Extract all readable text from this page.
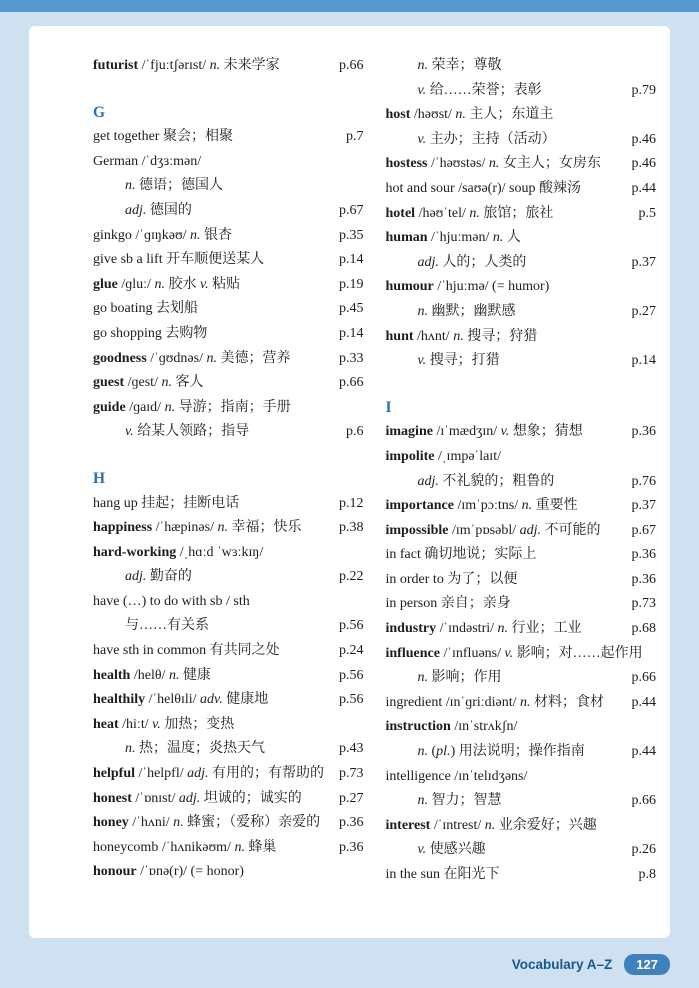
futurist /ˈfjuːtʃərɪst/ n. 未来学家	p.66
G
get together 聚会；相聚	p.7
German /ˈdʒɜːmən/
n. 德语；德国人
adj. 德国的	p.67
ginkgo /ˈɡɪŋkəʊ/ n. 银杏	p.35
give sb a lift 开车顺便送某人	p.14
glue /ɡluː/ n. 胶水 v. 粘贴	p.19
go boating 去划船	p.45
go shopping 去购物	p.14
goodness /ˈɡʊdnəs/ n. 美德；营养	p.33
guest /ɡest/ n. 客人	p.66
guide /ɡaɪd/ n. 导游；指南；手册
v. 给某人领路；指导	p.6
H
hang up 挂起；挂断电话	p.12
happiness /ˈhæpinəs/ n. 幸福；快乐	p.38
hard-working /ˌhɑːd ˈwɜːkɪŋ/
adj. 勤奋的	p.22
have (…) to do with sb / sth
与……有关系	p.56
have sth in common 有共同之处	p.24
health /helθ/ n. 健康	p.56
healthily /ˈhelθɪli/ adv. 健康地	p.56
heat /hiːt/ v. 加热；变热
n. 热；温度；炎热天气	p.43
helpful /ˈhelpfl/ adj. 有用的；有帮助的 p.73
honest /ˈɒnɪst/ adj. 坦诚的；诚实的	p.27
honey /ˈhʌni/ n. 蜂蜜；（爱称）亲爱的 p.36
honeycomb /ˈhʌnikəʊm/ n. 蜂巢	p.36
honour /ˈɒnə(r)/ (= honor)
n. 荣幸；尊敬
v. 给……荣誉；表彰	p.79
host /həʊst/ n. 主人；东道主
v. 主办；主持（活动）	p.46
hostess /ˈhəʊstəs/ n. 女主人；女房东 p.46
hot and sour /saʊə(r)/ soup 酸辣汤	p.44
hotel /həʊˈtel/ n. 旅馆；旅社	p.5
human /ˈhjuːmən/ n. 人
adj. 人的；人类的	p.37
humour /ˈhjuːmə/ (= humor)
n. 幽默；幽默感	p.27
hunt /hʌnt/ n. 搜寻；狩猎
v. 搜寻；打猎	p.14
I
imagine /ɪˈmædʒɪn/ v. 想象；猜想	p.36
impolite /ˌɪmpəˈlaɪt/
adj. 不礼貌的；粗鲁的	p.76
importance /ɪmˈpɔːtns/ n. 重要性	p.37
impossible /ɪmˈpɒsəbl/ adj. 不可能的 p.67
in fact 确切地说；实际上	p.36
in order to 为了；以便	p.36
in person 亲自；亲身	p.73
industry /ˈɪndəstri/ n. 行业；工业	p.68
influence /ˈɪnfluəns/ v. 影响；对……起作用
n. 影响；作用	p.66
ingredient /ɪnˈɡriːdiənt/ n. 材料；食材 p.44
instruction /ɪnˈstrʌkʃn/
n. (pl.) 用法说明；操作指南	p.44
intelligence /ɪnˈtelɪdʒəns/
n. 智力；智慧	p.66
interest /ˈɪntrest/ n. 业余爱好；兴趣
v. 使感兴趣	p.26
in the sun 在阳光下	p.8
Vocabulary A–Z	127
